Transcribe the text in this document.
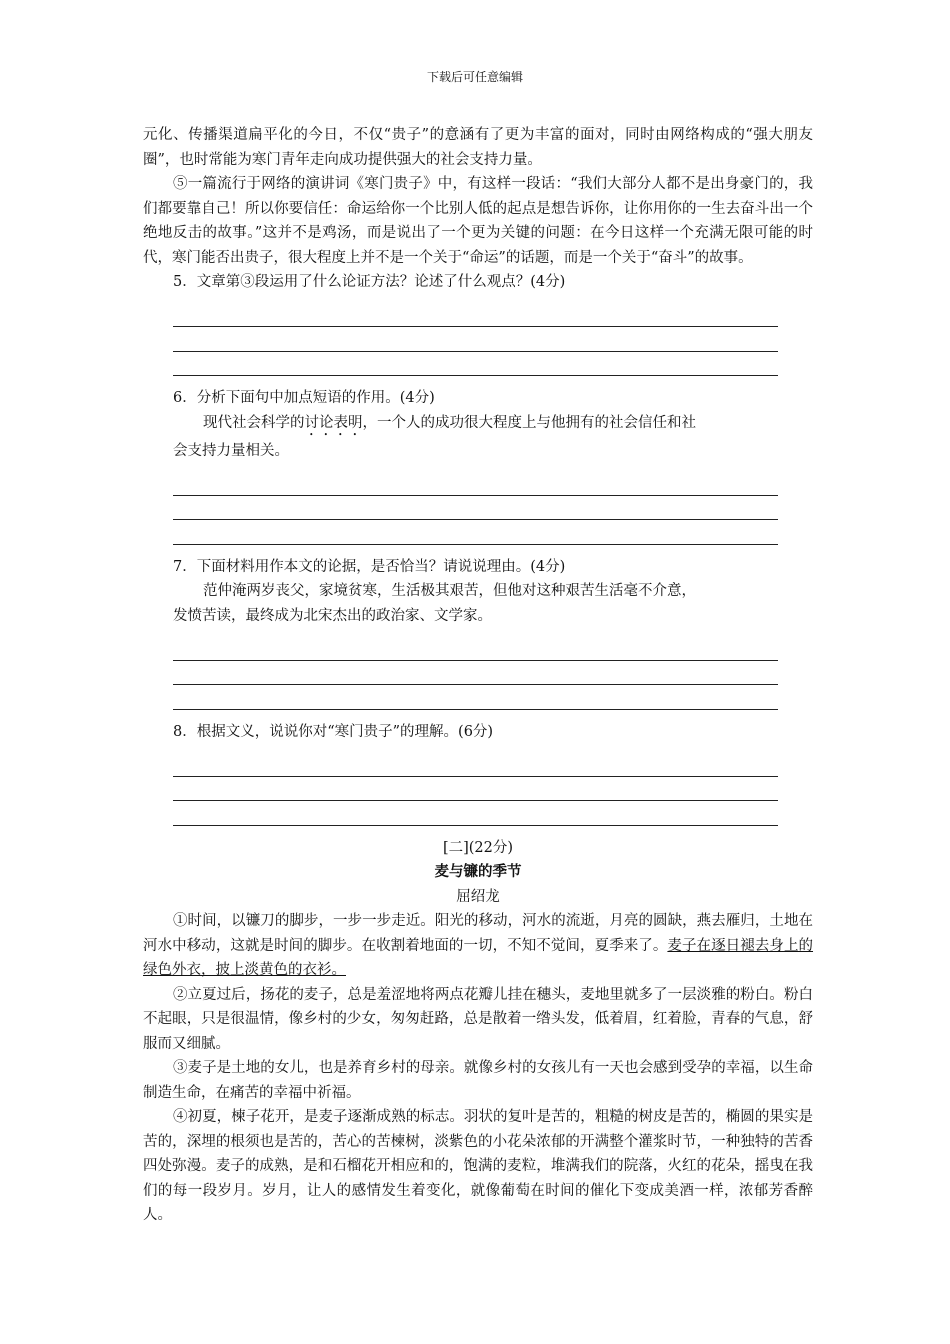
下载后可任意编辑

元化、传播渠道扁平化的今日，不仅“贵子”的意涵有了更为丰富的面对，同时由网络构成的“强大朋友圈”，也时常能为寒门青年走向成功提供强大的社会支持力量。

⑤一篇流行于网络的演讲词《寒门贵子》中，有这样一段话：“我们大部分人都不是出身豪门的，我们都要靠自己！所以你要信任：命运给你一个比别人低的起点是想告诉你，让你用你的一生去奋斗出一个绝地反击的故事。”这并不是鸡汤，而是说出了一个更为关键的问题：在今日这样一个充满无限可能的时代，寒门能否出贵子，很大程度上并不是一个关于“命运”的话题，而是一个关于“奋斗”的故事。

5．文章第③段运用了什么论证方法？论述了什么观点？(4分)

6．分析下面句中加点短语的作用。(4分)

现代社会科学的讨论表明，一个人的成功很大程度上与他拥有的社会信任和社

会支持力量相关。

7．下面材料用作本文的论据，是否恰当？请说说理由。(4分)

范仲淹两岁丧父，家境贫寒，生活极其艰苦，但他对这种艰苦生活毫不介意，

发愤苦读，最终成为北宋杰出的政治家、文学家。

8．根据文义，说说你对“寒门贵子”的理解。(6分)

[二](22分)

麦与镰的季节

屈绍龙

①时间，以镰刀的脚步，一步一步走近。阳光的移动，河水的流逝，月亮的圆缺，燕去雁归，土地在河水中移动，这就是时间的脚步。在收割着地面的一切，不知不觉间，夏季来了。麦子在逐日褪去身上的绿色外衣，披上淡黄色的衣衫。

②立夏过后，扬花的麦子，总是羞涩地将两点花瓣儿挂在穗头，麦地里就多了一层淡雅的粉白。粉白不起眼，只是很温情，像乡村的少女，匆匆赶路，总是散着一绺头发，低着眉，红着脸，青春的气息，舒服而又细腻。

③麦子是土地的女儿，也是养育乡村的母亲。就像乡村的女孩儿有一天也会感到受孕的幸福，以生命制造生命，在痛苦的幸福中祈福。

④初夏，楝子花开，是麦子逐渐成熟的标志。羽状的复叶是苦的，粗糙的树皮是苦的，椭圆的果实是苦的，深埋的根须也是苦的，苦心的苦楝树，淡紫色的小花朵浓郁的开满整个灌浆时节，一种独特的苦香四处弥漫。麦子的成熟，是和石榴花开相应和的，饱满的麦粒，堆满我们的院落，火红的花朵，摇曳在我们的每一段岁月。岁月，让人的感情发生着变化，就像葡萄在时间的催化下变成美酒一样，浓郁芳香醉人。
